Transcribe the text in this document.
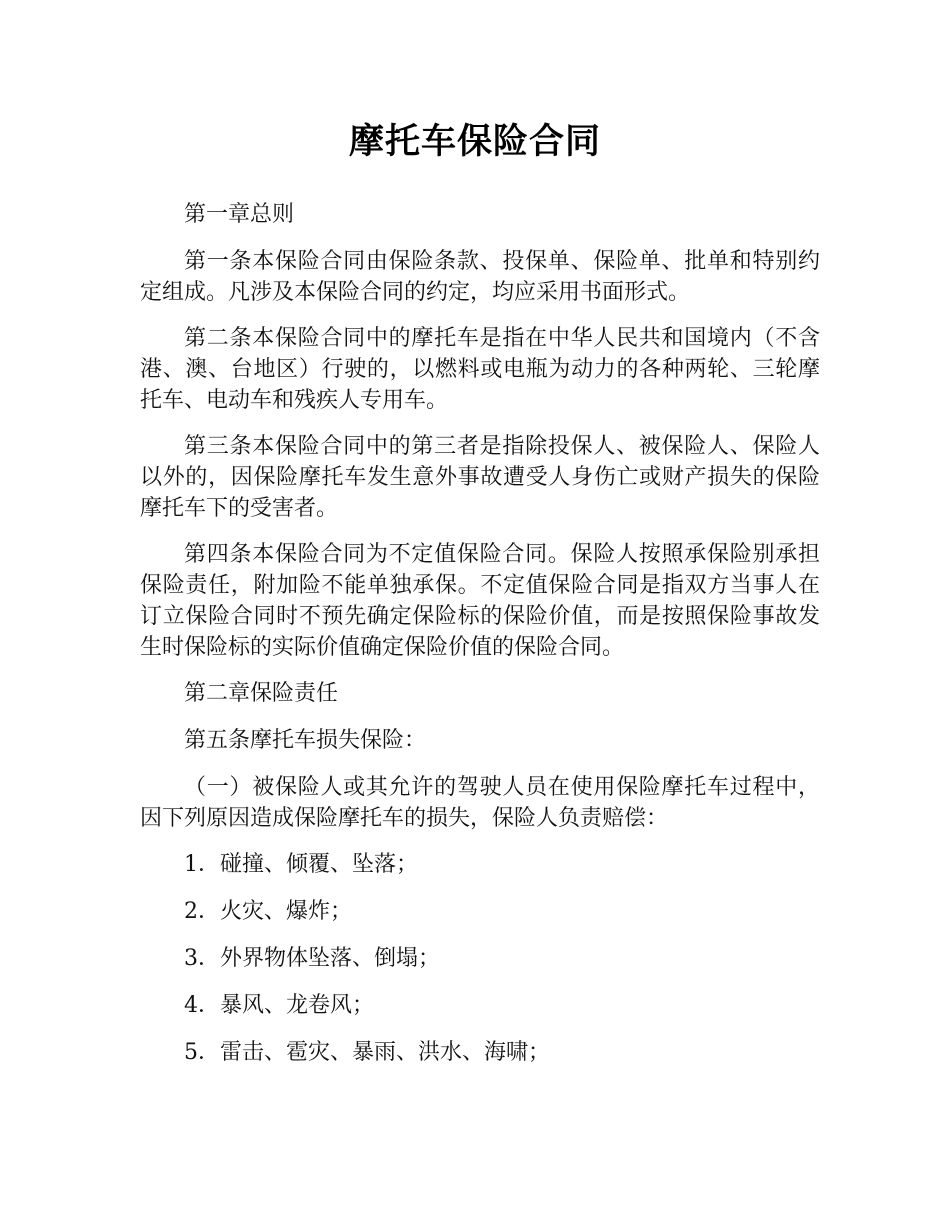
摩托车保险合同

第一章总则

第一条本保险合同由保险条款、投保单、保险单、批单和特别约定组成。凡涉及本保险合同的约定，均应采用书面形式。

第二条本保险合同中的摩托车是指在中华人民共和国境内（不含港、澳、台地区）行驶的，以燃料或电瓶为动力的各种两轮、三轮摩托车、电动车和残疾人专用车。

第三条本保险合同中的第三者是指除投保人、被保险人、保险人以外的，因保险摩托车发生意外事故遭受人身伤亡或财产损失的保险摩托车下的受害者。

第四条本保险合同为不定值保险合同。保险人按照承保险别承担保险责任，附加险不能单独承保。不定值保险合同是指双方当事人在订立保险合同时不预先确定保险标的保险价值，而是按照保险事故发生时保险标的实际价值确定保险价值的保险合同。

第二章保险责任

第五条摩托车损失保险：

（一）被保险人或其允许的驾驶人员在使用保险摩托车过程中，因下列原因造成保险摩托车的损失，保险人负责赔偿：

1．碰撞、倾覆、坠落；

2．火灾、爆炸；

3．外界物体坠落、倒塌；

4．暴风、龙卷风；

5．雷击、雹灾、暴雨、洪水、海啸；
